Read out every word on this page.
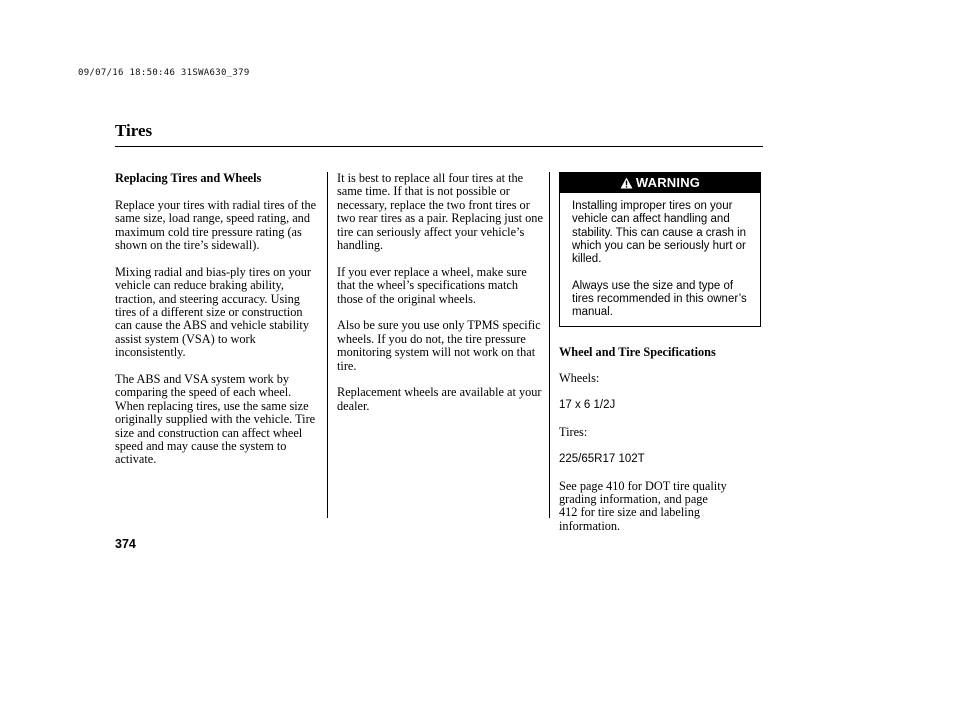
09/07/16 18:50:46 31SWA630_379
Tires

Replacing Tires and Wheels

Replace your tires with radial tires of the same size, load range, speed rating, and maximum cold tire pressure rating (as shown on the tire’s sidewall).

Mixing radial and bias-ply tires on your vehicle can reduce braking ability, traction, and steering accuracy. Using tires of a different size or construction can cause the ABS and vehicle stability assist system (VSA) to work inconsistently.

The ABS and VSA system work by comparing the speed of each wheel. When replacing tires, use the same size originally supplied with the vehicle. Tire size and construction can affect wheel speed and may cause the system to activate.

It is best to replace all four tires at the same time. If that is not possible or necessary, replace the two front tires or two rear tires as a pair. Replacing just one tire can seriously affect your vehicle’s handling.

If you ever replace a wheel, make sure that the wheel’s specifications match those of the original wheels.

Also be sure you use only TPMS specific wheels. If you do not, the tire pressure monitoring system will not work on that tire.

Replacement wheels are available at your dealer.

WARNING

Installing improper tires on your vehicle can affect handling and stability. This can cause a crash in which you can be seriously hurt or killed.

Always use the size and type of tires recommended in this owner’s manual.

Wheel and Tire Specifications

Wheels:

17 x 6 1/2J

Tires:

225/65R17 102T

See page 410 for DOT tire quality grading information, and page
412 for tire size and labeling information.

374
